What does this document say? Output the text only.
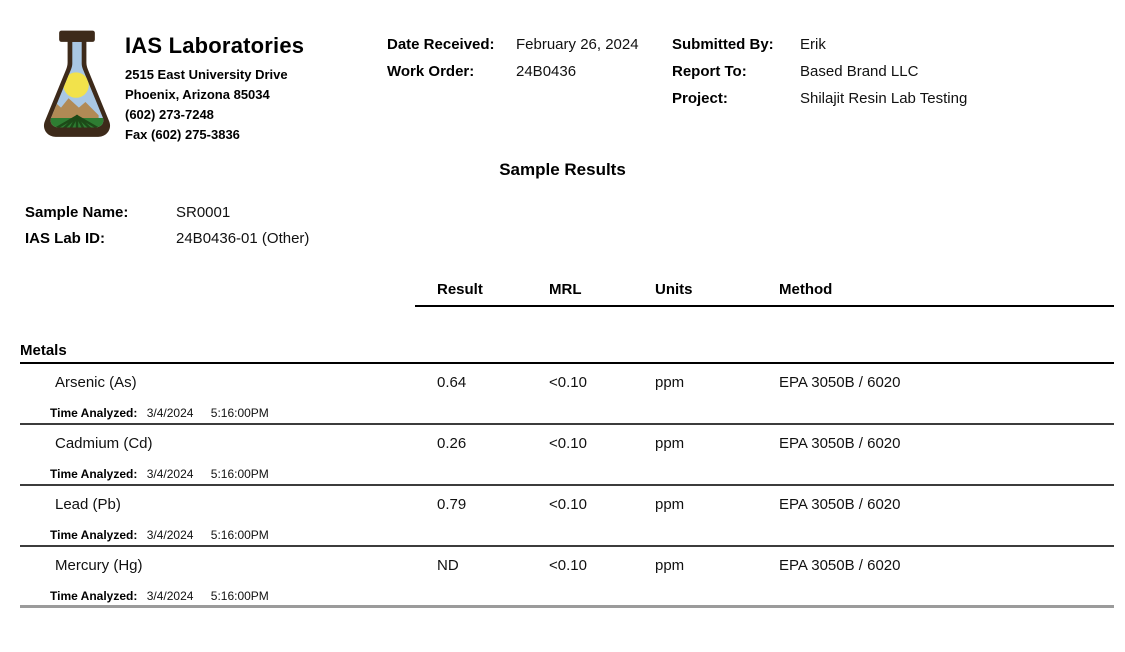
IAS Laboratories
2515 East University Drive
Phoenix, Arizona 85034
(602) 273-7248
Fax (602) 275-3836
Date Received:	February 26, 2024
Work Order:	24B0436
Submitted By:	Erik
Report To:	Based Brand LLC
Project:	Shilajit Resin Lab Testing
Sample Results
Sample Name:	SR0001
IAS Lab ID:	24B0436-01 (Other)
Result	MRL	Units	Method
Metals
Arsenic (As)	0.64	<0.10	ppm	EPA 3050B / 6020
Time Analyzed: 3/4/2024 5:16:00PM
Cadmium (Cd)	0.26	<0.10	ppm	EPA 3050B / 6020
Time Analyzed: 3/4/2024 5:16:00PM
Lead (Pb)	0.79	<0.10	ppm	EPA 3050B / 6020
Time Analyzed: 3/4/2024 5:16:00PM
Mercury (Hg)	ND	<0.10	ppm	EPA 3050B / 6020
Time Analyzed: 3/4/2024 5:16:00PM
